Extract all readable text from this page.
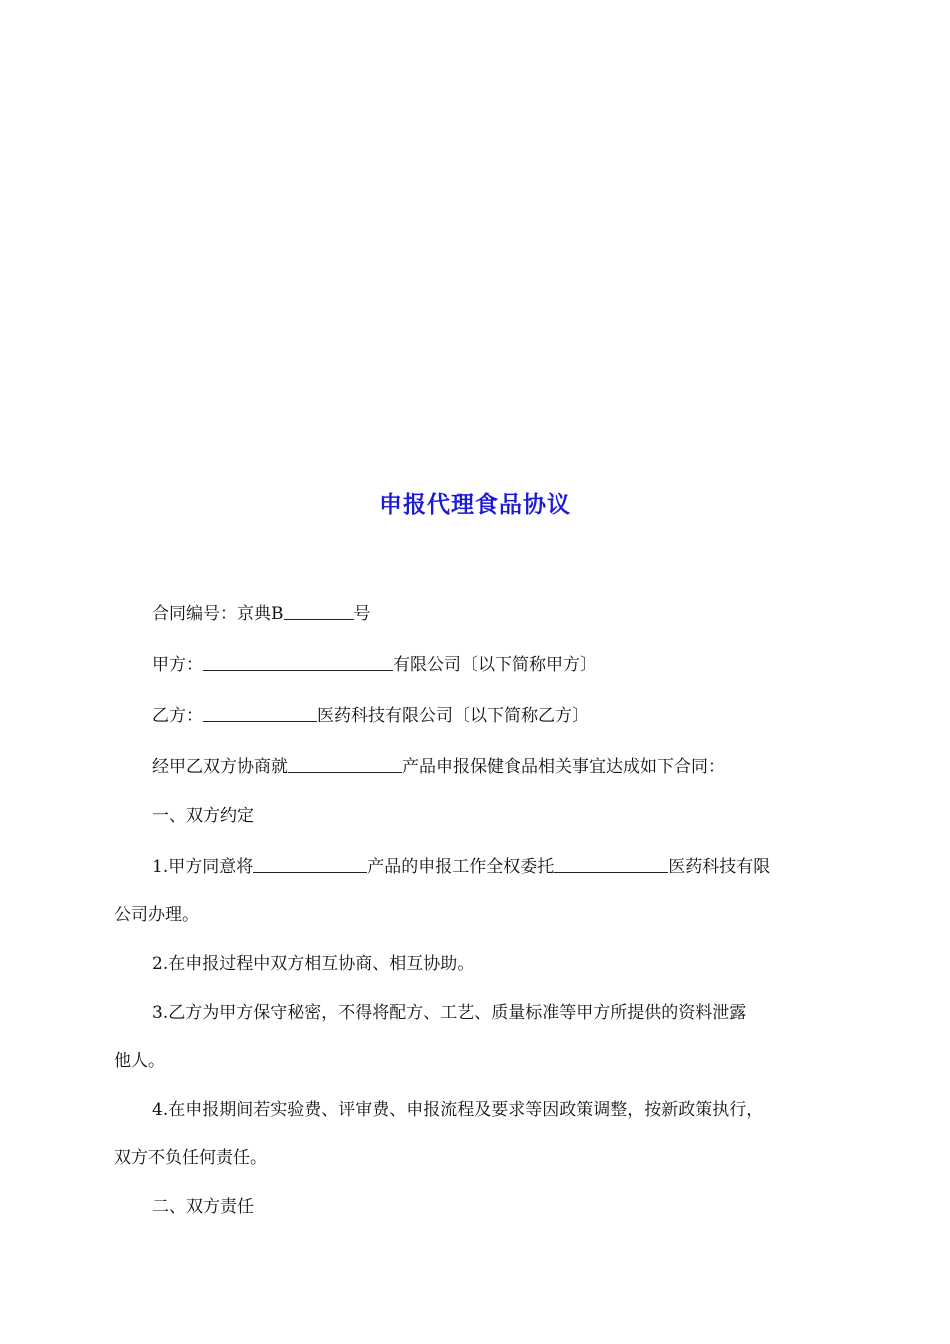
申报代理食品协议

合同编号：京典B	号

甲方：	有限公司〔以下简称甲方〕

乙方：	医药科技有限公司〔以下简称乙方〕

经甲乙双方协商就	产品申报保健食品相关事宜达成如下合同：

一、双方约定

1.甲方同意将	产品的申报工作全权委托	医药科技有限

公司办理。

2.在申报过程中双方相互协商、相互协助。

3.乙方为甲方保守秘密，不得将配方、工艺、质量标准等甲方所提供的资料泄露

他人。

4.在申报期间若实验费、评审费、申报流程及要求等因政策调整，按新政策执行，

双方不负任何责任。

二、双方责任
